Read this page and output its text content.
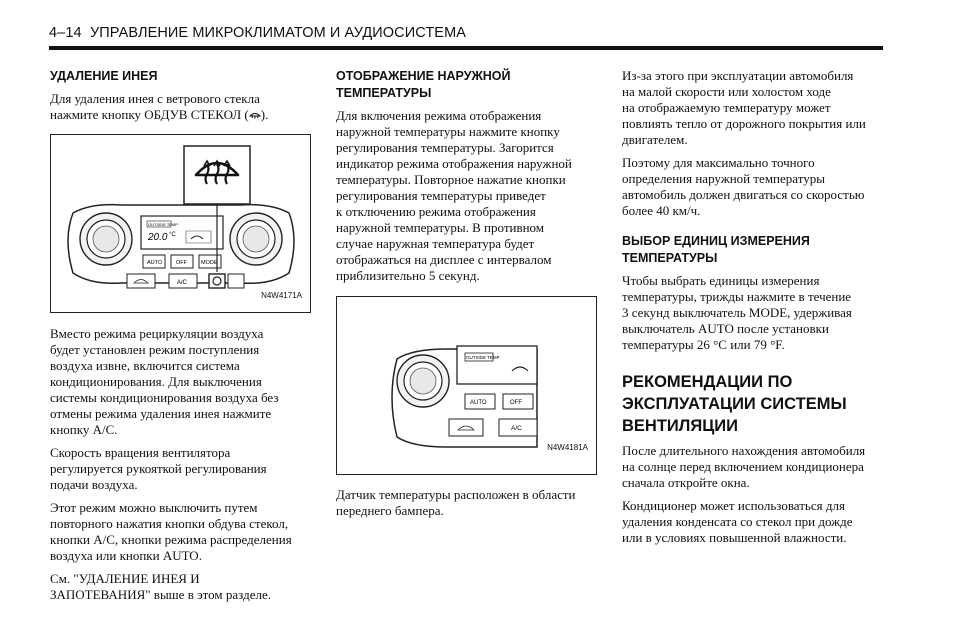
4–14 УПРАВЛЕНИЕ МИКРОКЛИМАТОМ И АУДИОСИСТЕМА
УДАЛЕНИЕ ИНЕЯ

Для удаления инея с ветрового стекла
нажмите кнопку ОБДУВ СТЕКОЛ ( ).

OUTSIDE TEMP
20.0 °C
AUTO	OFF	MODE
A/C
N4W4171A

Вместо режима рециркуляции воздуха
будет установлен режим поступления
воздуха извне, включится система
кондиционирования. Для выключения
системы кондиционирования воздуха без
отмены режима удаления инея нажмите
кнопку A/C.

Скорость вращения вентилятора
регулируется рукояткой регулирования
подачи воздуха.

Этот режим можно выключить путем
повторного нажатия кнопки обдува стекол,
кнопки A/C, кнопки режима распределения
воздуха или кнопки AUTO.

См. "УДАЛЕНИЕ ИНЕЯ И
ЗАПОТЕВАНИЯ" выше в этом разделе.

ОТОБРАЖЕНИЕ НАРУЖНОЙ
ТЕМПЕРАТУРЫ

Для включения режима отображения
наружной температуры нажмите кнопку
регулирования температуры. Загорится
индикатор режима отображения наружной
температуры. Повторное нажатие кнопки
регулирования температуры приведет
к отключению режима отображения
наружной температуры. В противном
случае наружная температура будет
отображаться на дисплее с интервалом
приблизительно 5 секунд.

OUTSIDE TEMP
AUTO	OFF
A/C
N4W4181A

Датчик температуры расположен в области
переднего бампера.

Из-за этого при эксплуатации автомобиля
на малой скорости или холостом ходе
на отображаемую температуру может
повлиять тепло от дорожного покрытия или
двигателем.

Поэтому для максимально точного
определения наружной температуры
автомобиль должен двигаться со скоростью
более 40 км/ч.

ВЫБОР ЕДИНИЦ ИЗМЕРЕНИЯ
ТЕМПЕРАТУРЫ

Чтобы выбрать единицы измерения
температуры, трижды нажмите в течение
3 секунд выключатель MODE, удерживая
выключатель AUTO после установки
температуры 26 °C или 79 °F.

РЕКОМЕНДАЦИИ ПО
ЭКСПЛУАТАЦИИ СИСТЕМЫ
ВЕНТИЛЯЦИИ

После длительного нахождения автомобиля
на солнце перед включением кондиционера
сначала откройте окна.

Кондиционер может использоваться для
удаления конденсата со стекол при дожде
или в условиях повышенной влажности.
